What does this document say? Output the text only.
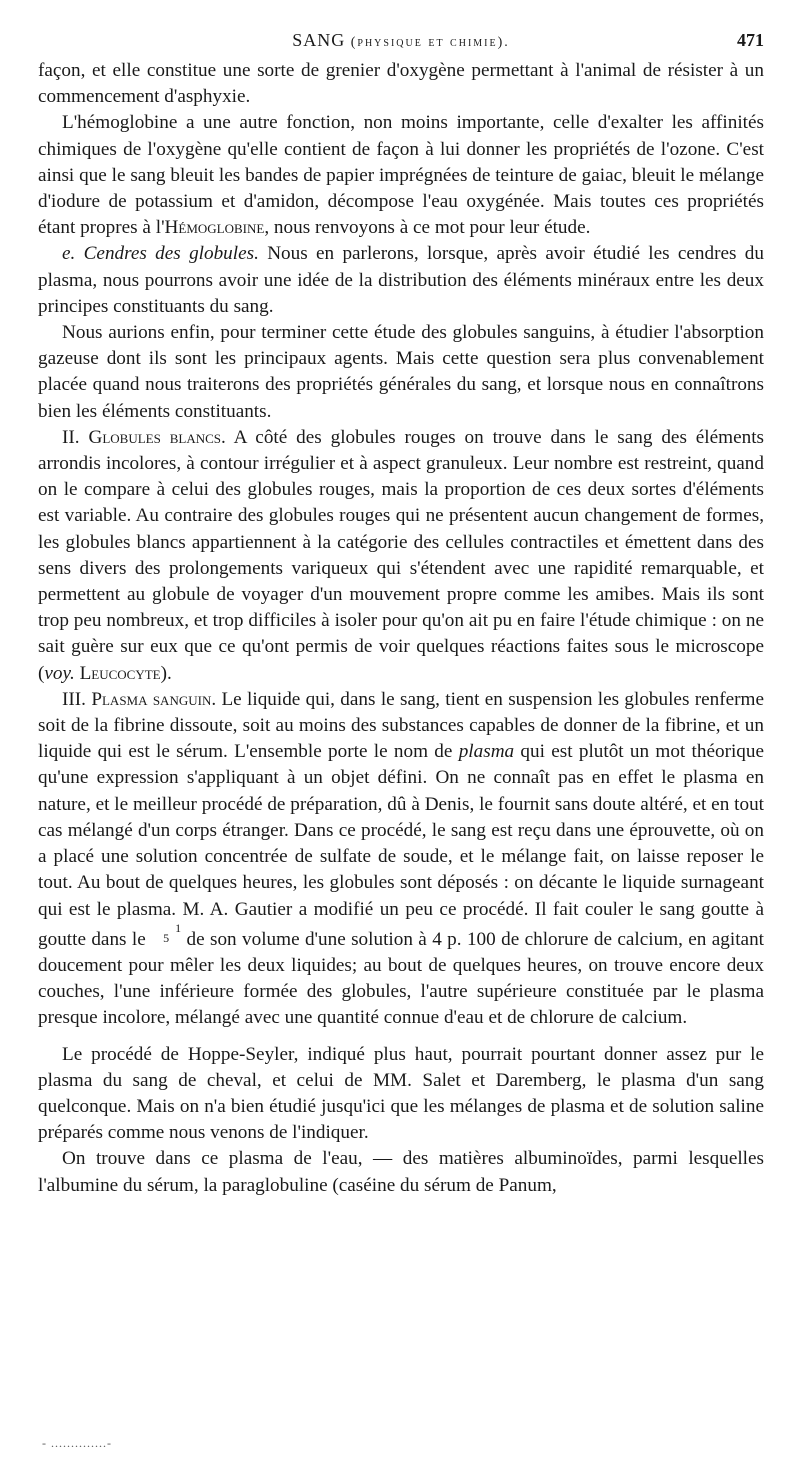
SANG (physique et chimie).	471

façon, et elle constitue une sorte de grenier d'oxygène permettant à l'animal de résister à un commencement d'asphyxie.

L'hémoglobine a une autre fonction, non moins importante, celle d'exalter les affinités chimiques de l'oxygène qu'elle contient de façon à lui donner les propriétés de l'ozone. C'est ainsi que le sang bleuit les bandes de papier imprégnées de teinture de gaiac, bleuit le mélange d'iodure de potassium et d'amidon, décompose l'eau oxygénée. Mais toutes ces propriétés étant propres à l'Hémoglobine, nous renvoyons à ce mot pour leur étude.

e. Cendres des globules. Nous en parlerons, lorsque, après avoir étudié les cendres du plasma, nous pourrons avoir une idée de la distribution des éléments minéraux entre les deux principes constituants du sang.

Nous aurions enfin, pour terminer cette étude des globules sanguins, à étudier l'absorption gazeuse dont ils sont les principaux agents. Mais cette question sera plus convenablement placée quand nous traiterons des propriétés générales du sang, et lorsque nous en connaîtrons bien les éléments constituants.

II. Globules blancs. A côté des globules rouges on trouve dans le sang des éléments arrondis incolores, à contour irrégulier et à aspect granuleux. Leur nombre est restreint, quand on le compare à celui des globules rouges, mais la proportion de ces deux sortes d'éléments est variable. Au contraire des globules rouges qui ne présentent aucun changement de formes, les globules blancs appartiennent à la catégorie des cellules contractiles et émettent dans des sens divers des prolongements variqueux qui s'étendent avec une rapidité remarquable, et permettent au globule de voyager d'un mouvement propre comme les amibes. Mais ils sont trop peu nombreux, et trop difficiles à isoler pour qu'on ait pu en faire l'étude chimique : on ne sait guère sur eux que ce qu'ont permis de voir quelques réactions faites sous le microscope (voy. Leucocyte).

III. Plasma sanguin. Le liquide qui, dans le sang, tient en suspension les globules renferme soit de la fibrine dissoute, soit au moins des substances capables de donner de la fibrine, et un liquide qui est le sérum. L'ensemble porte le nom de plasma qui est plutôt un mot théorique qu'une expression s'appliquant à un objet défini. On ne connaît pas en effet le plasma en nature, et le meilleur procédé de préparation, dû à Denis, le fournit sans doute altéré, et en tout cas mélangé d'un corps étranger. Dans ce procédé, le sang est reçu dans une éprouvette, où on a placé une solution concentrée de sulfate de soude, et le mélange fait, on laisse reposer le tout. Au bout de quelques heures, les globules sont déposés : on décante le liquide surnageant qui est le plasma. M. A. Gautier a modifié un peu ce procédé. Il fait couler le sang goutte à goutte dans le 1
5 de son volume d'une solution à 4 p. 100 de chlorure de calcium, en agitant doucement pour mêler les deux liquides; au bout de quelques heures, on trouve encore deux couches, l'une inférieure formée des globules, l'autre supérieure constituée par le plasma presque incolore, mélangé avec une quantité connue d'eau et de chlorure de calcium.

Le procédé de Hoppe-Seyler, indiqué plus haut, pourrait pourtant donner assez pur le plasma du sang de cheval, et celui de MM. Salet et Daremberg, le plasma d'un sang quelconque. Mais on n'a bien étudié jusqu'ici que les mélanges de plasma et de solution saline préparés comme nous venons de l'indiquer.

On trouve dans ce plasma de l'eau, — des matières albuminoïdes, parmi lesquelles l'albumine du sérum, la paraglobuline (caséine du sérum de Panum,

- ..............-
